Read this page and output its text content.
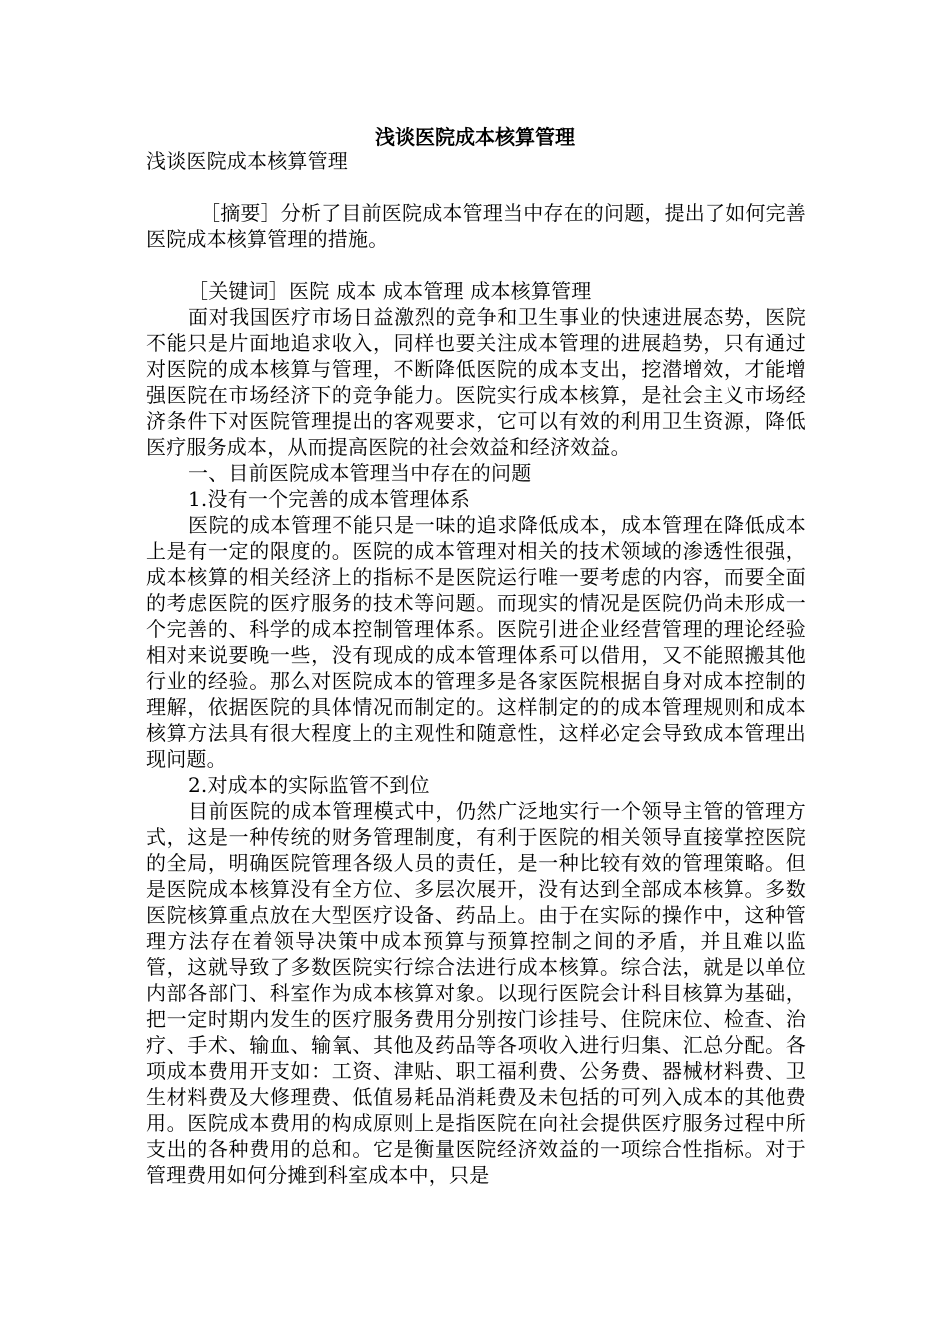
浅谈医院成本核算管理

浅谈医院成本核算管理

［摘要］分析了目前医院成本管理当中存在的问题，提出了如何完善医院成本核算管理的措施。

［关键词］医院 成本 成本管理 成本核算管理

面对我国医疗市场日益激烈的竞争和卫生事业的快速进展态势，医院不能只是片面地追求收入，同样也要关注成本管理的进展趋势，只有通过对医院的成本核算与管理，不断降低医院的成本支出，挖潜增效，才能增强医院在市场经济下的竞争能力。医院实行成本核算，是社会主义市场经济条件下对医院管理提出的客观要求，它可以有效的利用卫生资源，降低医疗服务成本，从而提高医院的社会效益和经济效益。

一、目前医院成本管理当中存在的问题

1.没有一个完善的成本管理体系

医院的成本管理不能只是一味的追求降低成本，成本管理在降低成本上是有一定的限度的。医院的成本管理对相关的技术领域的渗透性很强，成本核算的相关经济上的指标不是医院运行唯一要考虑的内容，而要全面的考虑医院的医疗服务的技术等问题。而现实的情况是医院仍尚未形成一个完善的、科学的成本控制管理体系。医院引进企业经营管理的理论经验相对来说要晚一些，没有现成的成本管理体系可以借用，又不能照搬其他行业的经验。那么对医院成本的管理多是各家医院根据自身对成本控制的理解，依据医院的具体情况而制定的。这样制定的的成本管理规则和成本核算方法具有很大程度上的主观性和随意性，这样必定会导致成本管理出现问题。

2.对成本的实际监管不到位

目前医院的成本管理模式中，仍然广泛地实行一个领导主管的管理方式，这是一种传统的财务管理制度，有利于医院的相关领导直接掌控医院的全局，明确医院管理各级人员的责任，是一种比较有效的管理策略。但是医院成本核算没有全方位、多层次展开，没有达到全部成本核算。多数医院核算重点放在大型医疗设备、药品上。由于在实际的操作中，这种管理方法存在着领导决策中成本预算与预算控制之间的矛盾，并且难以监管，这就导致了多数医院实行综合法进行成本核算。综合法，就是以单位内部各部门、科室作为成本核算对象。以现行医院会计科目核算为基础，把一定时期内发生的医疗服务费用分别按门诊挂号、住院床位、检查、治疗、手术、输血、输氧、其他及药品等各项收入进行归集、汇总分配。各项成本费用开支如：工资、津贴、职工福利费、公务费、器械材料费、卫生材料费及大修理费、低值易耗品消耗费及未包括的可列入成本的其他费用。医院成本费用的构成原则上是指医院在向社会提供医疗服务过程中所支出的各种费用的总和。它是衡量医院经济效益的一项综合性指标。对于管理费用如何分摊到科室成本中，只是
